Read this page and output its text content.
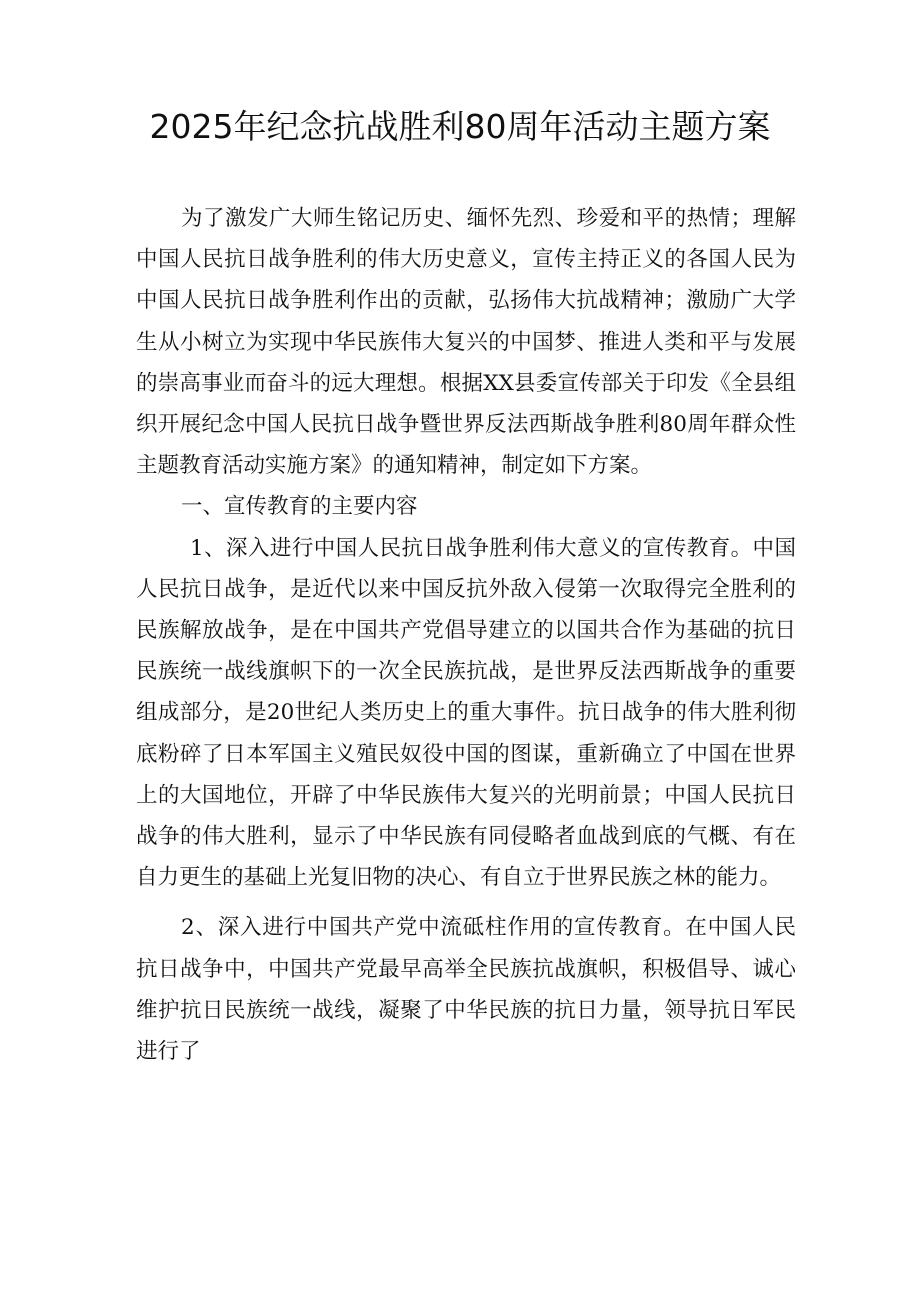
2025年纪念抗战胜利80周年活动主题方案

为了激发广大师生铭记历史、缅怀先烈、珍爱和平的热情；理解中国人民抗日战争胜利的伟大历史意义，宣传主持正义的各国人民为中国人民抗日战争胜利作出的贡献，弘扬伟大抗战精神；激励广大学生从小树立为实现中华民族伟大复兴的中国梦、推进人类和平与发展的崇高事业而奋斗的远大理想。根据XX县委宣传部关于印发《全县组织开展纪念中国人民抗日战争暨世界反法西斯战争胜利80周年群众性主题教育活动实施方案》的通知精神，制定如下方案。

一、宣传教育的主要内容

1、深入进行中国人民抗日战争胜利伟大意义的宣传教育。中国人民抗日战争，是近代以来中国反抗外敌入侵第一次取得完全胜利的民族解放战争，是在中国共产党倡导建立的以国共合作为基础的抗日民族统一战线旗帜下的一次全民族抗战，是世界反法西斯战争的重要组成部分，是20世纪人类历史上的重大事件。抗日战争的伟大胜利彻底粉碎了日本军国主义殖民奴役中国的图谋，重新确立了中国在世界上的大国地位，开辟了中华民族伟大复兴的光明前景；中国人民抗日战争的伟大胜利，显示了中华民族有同侵略者血战到底的气概、有在自力更生的基础上光复旧物的决心、有自立于世界民族之林的能力。

2、深入进行中国共产党中流砥柱作用的宣传教育。在中国人民抗日战争中，中国共产党最早高举全民族抗战旗帜，积极倡导、诚心维护抗日民族统一战线，凝聚了中华民族的抗日力量，领导抗日军民进行了
